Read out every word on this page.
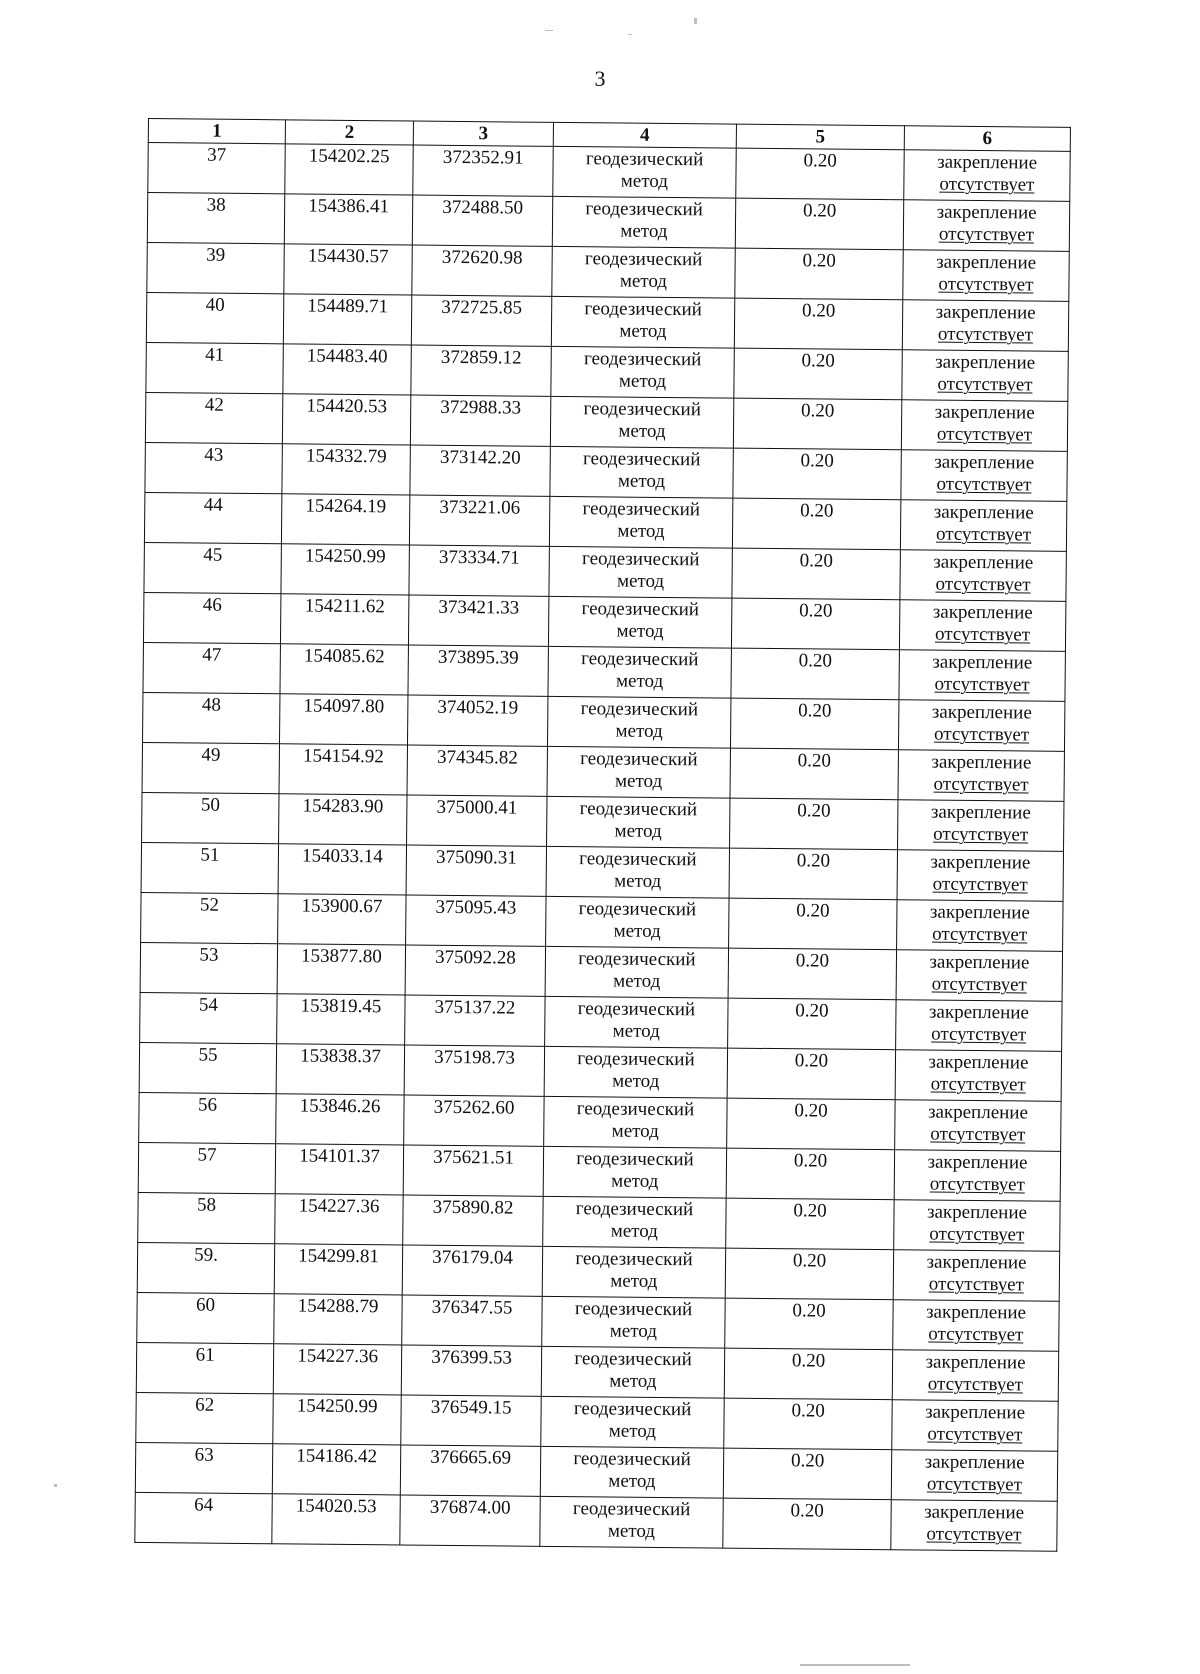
3
1	2	3	4	5	6
37	154202.25	372352.91	геодезический
метод	0.20	закрепление
отсутствует

38	154386.41	372488.50	геодезический
метод	0.20	закрепление
отсутствует

39	154430.57	372620.98	геодезический
метод	0.20	закрепление
отсутствует

40	154489.71	372725.85	геодезический
метод	0.20	закрепление
отсутствует

41	154483.40	372859.12	геодезический
метод	0.20	закрепление
отсутствует

42	154420.53	372988.33	геодезический
метод	0.20	закрепление
отсутствует

43	154332.79	373142.20	геодезический
метод	0.20	закрепление
отсутствует

44	154264.19	373221.06	геодезический
метод	0.20	закрепление
отсутствует

45	154250.99	373334.71	геодезический
метод	0.20	закрепление
отсутствует

46	154211.62	373421.33	геодезический
метод	0.20	закрепление
отсутствует

47	154085.62	373895.39	геодезический
метод	0.20	закрепление
отсутствует

48	154097.80	374052.19	геодезический
метод	0.20	закрепление
отсутствует

49	154154.92	374345.82	геодезический
метод	0.20	закрепление
отсутствует

50	154283.90	375000.41	геодезический
метод	0.20	закрепление
отсутствует

51	154033.14	375090.31	геодезический
метод	0.20	закрепление
отсутствует

52	153900.67	375095.43	геодезический
метод	0.20	закрепление
отсутствует

53	153877.80	375092.28	геодезический
метод	0.20	закрепление
отсутствует

54	153819.45	375137.22	геодезический
метод	0.20	закрепление
отсутствует

55	153838.37	375198.73	геодезический
метод	0.20	закрепление
отсутствует

56	153846.26	375262.60	геодезический
метод	0.20	закрепление
отсутствует

57	154101.37	375621.51	геодезический
метод	0.20	закрепление
отсутствует

58	154227.36	375890.82	геодезический
метод	0.20	закрепление
отсутствует

59.	154299.81	376179.04	геодезический
метод	0.20	закрепление
отсутствует

60	154288.79	376347.55	геодезический
метод	0.20	закрепление
отсутствует

61	154227.36	376399.53	геодезический
метод	0.20	закрепление
отсутствует

62	154250.99	376549.15	геодезический
метод	0.20	закрепление
отсутствует

63	154186.42	376665.69	геодезический
метод	0.20	закрепление
отсутствует

64	154020.53	376874.00	геодезический
метод	0.20	закрепление
отсутствует
